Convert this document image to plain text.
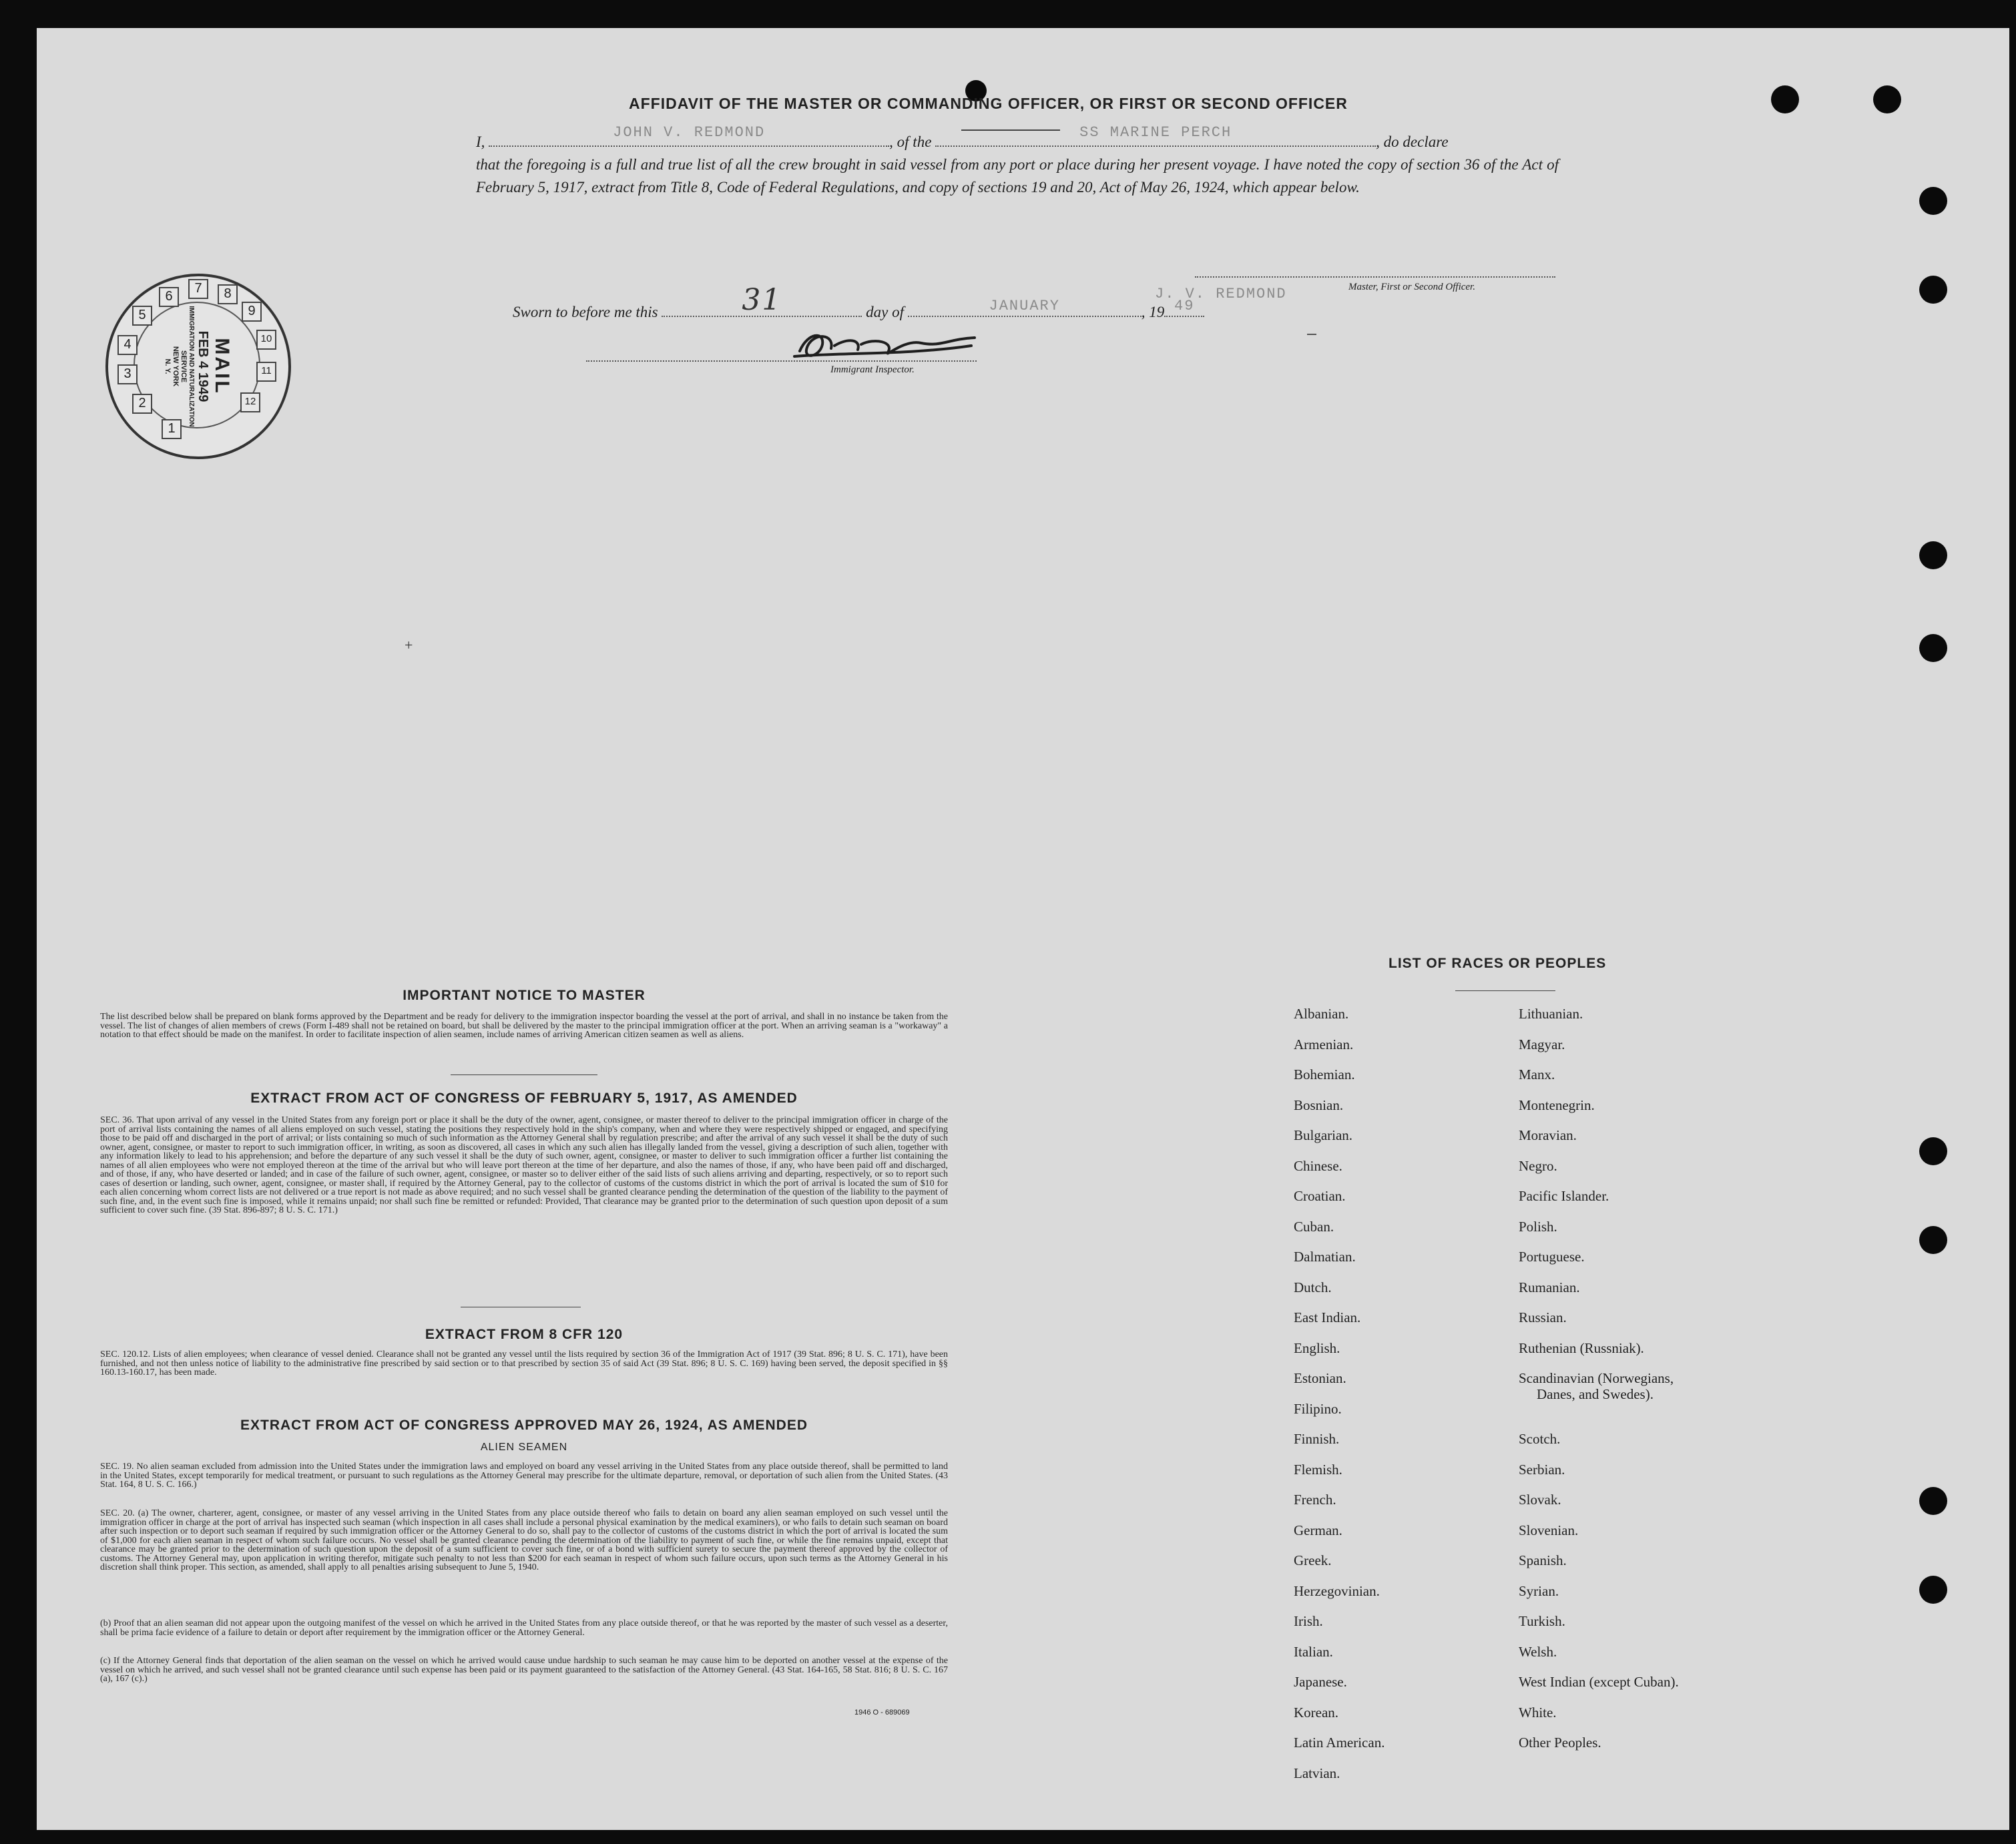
AFFIDAVIT OF THE MASTER OR COMMANDING OFFICER, OR FIRST OR SECOND OFFICER
I,
JOHN V. REDMOND
, of the
SS MARINE PERCH
, do declare
that the foregoing is a full and true list of all the crew brought in said vessel from any port or place during her present voyage. I have noted the copy of section 36 of the Act of February 5, 1917, extract from Title 8, Code of Federal Regulations, and copy of sections 19 and 20, Act of May 26, 1924, which appear below.
Sworn to before me this	31	day of	JANUARY	, 19 49
J. V. REDMOND	Master, First or Second Officer.
Immigrant Inspector.
1
2
3
4
5
6
7	8
9
10
11
12
MAIL
FEB 4 1949
IMMIGRATION AND NATURALIZATION
SERVICE
NEW YORK
N. Y.
+
IMPORTANT NOTICE TO MASTER
The list described below shall be prepared on blank forms approved by the Department and be ready for delivery to the immigration inspector boarding the vessel at the port of arrival, and shall in no instance be taken from the vessel. The list of changes of alien members of crews (Form I-489 shall not be retained on board, but shall be delivered by the master to the principal immigration officer at the port. When an arriving seaman is a "workaway" a notation to that effect should be made on the manifest. In order to facilitate inspection of alien seamen, include names of arriving American citizen seamen as well as aliens.
EXTRACT FROM ACT OF CONGRESS OF FEBRUARY 5, 1917, AS AMENDED
SEC. 36. That upon arrival of any vessel in the United States from any foreign port or place it shall be the duty of the owner, agent, consignee, or master thereof to deliver to the principal immigration officer in charge of the port of arrival lists containing the names of all aliens employed on such vessel, stating the positions they respectively hold in the ship's company, when and where they were respectively shipped or engaged, and specifying those to be paid off and discharged in the port of arrival; or lists containing so much of such information as the Attorney General shall by regulation prescribe; and after the arrival of any such vessel it shall be the duty of such owner, agent, consignee, or master to report to such immigration officer, in writing, as soon as discovered, all cases in which any such alien has illegally landed from the vessel, giving a description of such alien, together with any information likely to lead to his apprehension; and before the departure of any such vessel it shall be the duty of such owner, agent, consignee, or master to deliver to such immigration officer a further list containing the names of all alien employees who were not employed thereon at the time of the arrival but who will leave port thereon at the time of her departure, and also the names of those, if any, who have been paid off and discharged, and of those, if any, who have deserted or landed; and in case of the failure of such owner, agent, consignee, or master so to deliver either of the said lists of such aliens arriving and departing, respectively, or so to report such cases of desertion or landing, such owner, agent, consignee, or master shall, if required by the Attorney General, pay to the collector of customs of the customs district in which the port of arrival is located the sum of $10 for each alien concerning whom correct lists are not delivered or a true report is not made as above required; and no such vessel shall be granted clearance pending the determination of the question of the liability to the payment of such fine, and, in the event such fine is imposed, while it remains unpaid; nor shall such fine be remitted or refunded: Provided, That clearance may be granted prior to the determination of such question upon deposit of a sum sufficient to cover such fine. (39 Stat. 896-897; 8 U. S. C. 171.)
EXTRACT FROM 8 CFR 120
SEC. 120.12. Lists of alien employees; when clearance of vessel denied. Clearance shall not be granted any vessel until the lists required by section 36 of the Immigration Act of 1917 (39 Stat. 896; 8 U. S. C. 171), have been furnished, and not then unless notice of liability to the administrative fine prescribed by said section or to that prescribed by section 35 of said Act (39 Stat. 896; 8 U. S. C. 169) having been served, the deposit specified in §§ 160.13-160.17, has been made.
EXTRACT FROM ACT OF CONGRESS APPROVED MAY 26, 1924, AS AMENDED
ALIEN SEAMEN
SEC. 19. No alien seaman excluded from admission into the United States under the immigration laws and employed on board any vessel arriving in the United States from any place outside thereof, shall be permitted to land in the United States, except temporarily for medical treatment, or pursuant to such regulations as the Attorney General may prescribe for the ultimate departure, removal, or deportation of such alien from the United States. (43 Stat. 164, 8 U. S. C. 166.)
SEC. 20. (a) The owner, charterer, agent, consignee, or master of any vessel arriving in the United States from any place outside thereof who fails to detain on board any alien seaman employed on such vessel until the immigration officer in charge at the port of arrival has inspected such seaman (which inspection in all cases shall include a personal physical examination by the medical examiners), or who fails to detain such seaman on board after such inspection or to deport such seaman if required by such immigration officer or the Attorney General to do so, shall pay to the collector of customs of the customs district in which the port of arrival is located the sum of $1,000 for each alien seaman in respect of whom such failure occurs. No vessel shall be granted clearance pending the determination of the liability to payment of such fine, or while the fine remains unpaid, except that clearance may be granted prior to the determination of such question upon the deposit of a sum sufficient to cover such fine, or of a bond with sufficient surety to secure the payment thereof approved by the collector of customs. The Attorney General may, upon application in writing therefor, mitigate such penalty to not less than $200 for each seaman in respect of whom such failure occurs, upon such terms as the Attorney General in his discretion shall think proper. This section, as amended, shall apply to all penalties arising subsequent to June 5, 1940.
(b) Proof that an alien seaman did not appear upon the outgoing manifest of the vessel on which he arrived in the United States from any place outside thereof, or that he was reported by the master of such vessel as a deserter, shall be prima facie evidence of a failure to detain or deport after requirement by the immigration officer or the Attorney General.
(c) If the Attorney General finds that deportation of the alien seaman on the vessel on which he arrived would cause undue hardship to such seaman he may cause him to be deported on another vessel at the expense of the vessel on which he arrived, and such vessel shall not be granted clearance until such expense has been paid or its payment guaranteed to the satisfaction of the Attorney General. (43 Stat. 164-165, 58 Stat. 816; 8 U. S. C. 167 (a), 167 (c).)
1946 O - 689069
LIST OF RACES OR PEOPLES
Albanian.
Armenian.
Bohemian.
Bosnian.
Bulgarian.
Chinese.
Croatian.
Cuban.
Dalmatian.
Dutch.
East Indian.
English.
Estonian.
Filipino.
Finnish.
Flemish.
French.
German.
Greek.
Herzegovinian.
Irish.
Italian.
Japanese.
Korean.
Latin American.
Latvian.
Lithuanian.
Magyar.
Manx.
Montenegrin.
Moravian.
Negro.
Pacific Islander.
Polish.
Portuguese.
Rumanian.
Russian.
Ruthenian (Russniak).
Scandinavian (Norwegians,
Danes, and Swedes).
Scotch.
Serbian.
Slovak.
Slovenian.
Spanish.
Syrian.
Turkish.
Welsh.
West Indian (except Cuban).
White.
Other Peoples.
